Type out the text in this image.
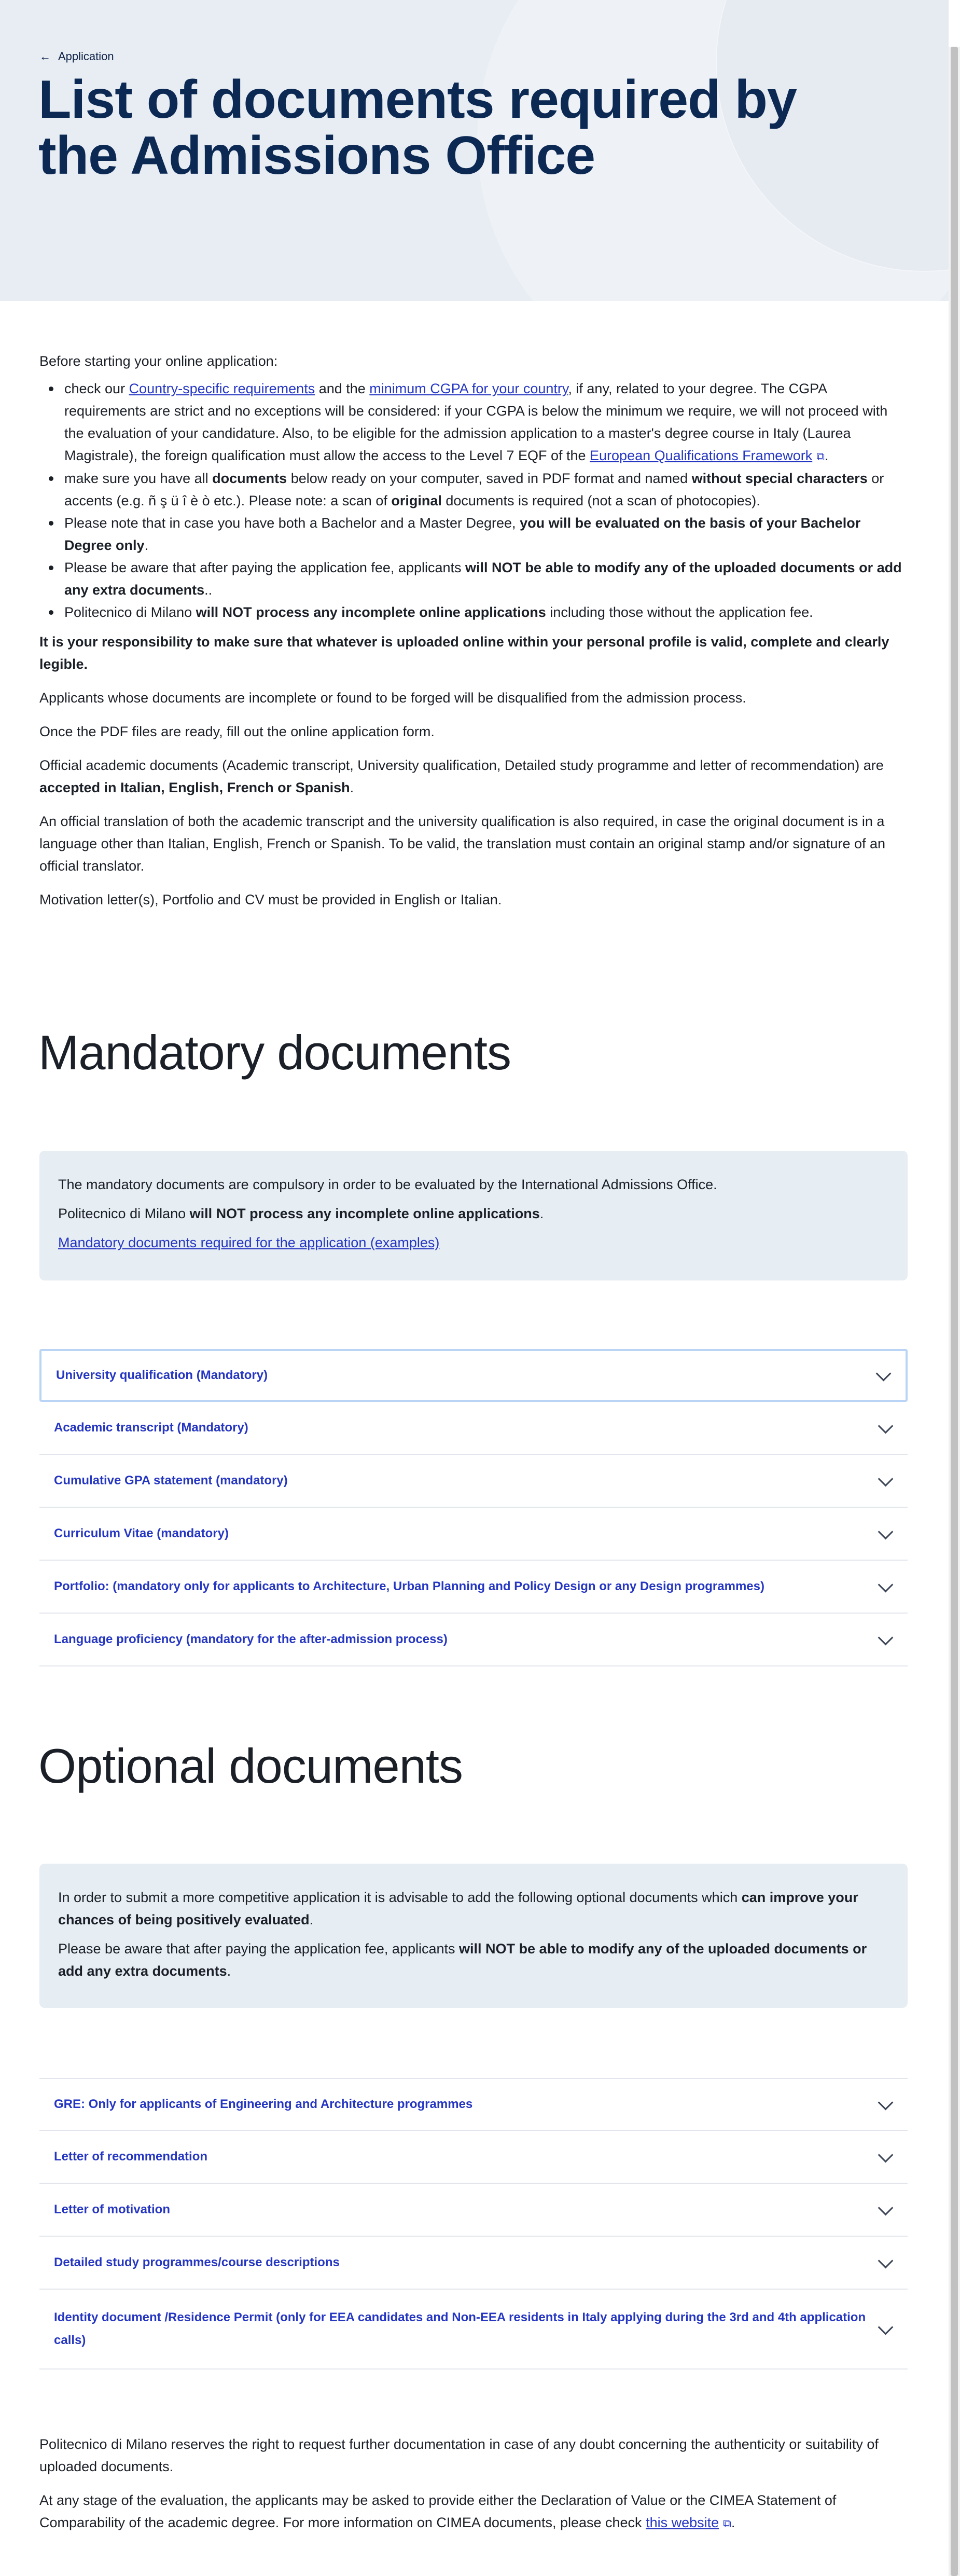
← Application
List of documents required by the Admissions Office

Before starting your online application:

check our Country-specific requirements and the minimum CGPA for your country, if any, related to your degree. The CGPA requirements are strict and no exceptions will be considered: if your CGPA is below the minimum we require, we will not proceed with the evaluation of your candidature. Also, to be eligible for the admission application to a master's degree course in Italy (Laurea Magistrale), the foreign qualification must allow the access to the Level 7 EQF of the European Qualifications Framework ⧉.
make sure you have all documents below ready on your computer, saved in PDF format and named without special characters or accents (e.g. ñ ş ü î è ò etc.). Please note: a scan of original documents is required (not a scan of photocopies).
Please note that in case you have both a Bachelor and a Master Degree, you will be evaluated on the basis of your Bachelor Degree only.
Please be aware that after paying the application fee, applicants will NOT be able to modify any of the uploaded documents or add any extra documents..
Politecnico di Milano will NOT process any incomplete online applications including those without the application fee.

It is your responsibility to make sure that whatever is uploaded online within your personal profile is valid, complete and clearly legible.

Applicants whose documents are incomplete or found to be forged will be disqualified from the admission process.

Once the PDF files are ready, fill out the online application form.

Official academic documents (Academic transcript, University qualification, Detailed study programme and letter of recommendation) are accepted in Italian, English, French or Spanish.

An official translation of both the academic transcript and the university qualification is also required, in case the original document is in a language other than Italian, English, French or Spanish. To be valid, the translation must contain an original stamp and/or signature of an official translator.

Motivation letter(s), Portfolio and CV must be provided in English or Italian.

Mandatory documents

The mandatory documents are compulsory in order to be evaluated by the International Admissions Office.

Politecnico di Milano will NOT process any incomplete online applications.

Mandatory documents required for the application (examples)

University qualification (Mandatory)
Academic transcript (Mandatory)
Cumulative GPA statement (mandatory)
Curriculum Vitae (mandatory)
Portfolio: (mandatory only for applicants to Architecture, Urban Planning and Policy Design or any Design programmes)
Language proficiency (mandatory for the after-admission process)
Optional documents

In order to submit a more competitive application it is advisable to add the following optional documents which can improve your chances of being positively evaluated.

Please be aware that after paying the application fee, applicants will NOT be able to modify any of the uploaded documents or add any extra documents.

GRE: Only for applicants of Engineering and Architecture programmes
Letter of recommendation
Letter of motivation
Detailed study programmes/course descriptions
Identity document /Residence Permit (only for EEA candidates and Non-EEA residents in Italy applying during the 3rd and 4th application calls)

Politecnico di Milano reserves the right to request further documentation in case of any doubt concerning the authenticity or suitability of uploaded documents.

At any stage of the evaluation, the applicants may be asked to provide either the Declaration of Value or the CIMEA Statement of Comparability of the academic degree. For more information on CIMEA documents, please check this website ⧉.
